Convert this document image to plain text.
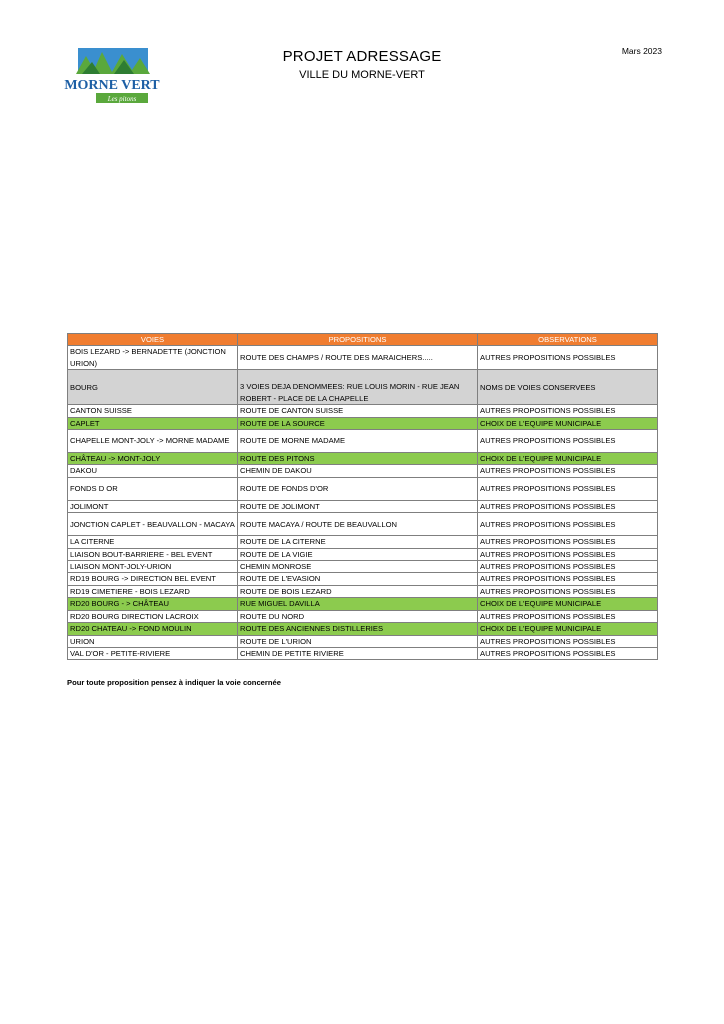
MORNE VERT
Les pitons
PROJET ADRESSAGE
VILLE DU MORNE-VERT
Mars 2023
VOIES	PROPOSITIONS	OBSERVATIONS
BOIS LEZARD -> BERNADETTE (JONCTION URION)	ROUTE DES CHAMPS / ROUTE DES MARAICHERS.....	AUTRES PROPOSITIONS POSSIBLES
BOURG	3 VOIES DEJA DENOMMEES: RUE LOUIS MORIN - RUE JEAN ROBERT - PLACE DE LA CHAPELLE	NOMS DE VOIES CONSERVEES
CANTON SUISSE	ROUTE DE CANTON SUISSE	AUTRES PROPOSITIONS POSSIBLES
CAPLET	ROUTE DE LA SOURCE	CHOIX DE L'EQUIPE MUNICIPALE
CHAPELLE MONT-JOLY -> MORNE MADAME	ROUTE DE MORNE MADAME	AUTRES PROPOSITIONS POSSIBLES
CHÂTEAU -> MONT-JOLY	ROUTE DES PITONS	CHOIX DE L'EQUIPE MUNICIPALE
DAKOU	CHEMIN DE DAKOU	AUTRES PROPOSITIONS POSSIBLES
FONDS D OR	ROUTE DE FONDS D'OR	AUTRES PROPOSITIONS POSSIBLES
JOLIMONT	ROUTE DE JOLIMONT	AUTRES PROPOSITIONS POSSIBLES
JONCTION CAPLET - BEAUVALLON - MACAYA	ROUTE MACAYA / ROUTE DE BEAUVALLON	AUTRES PROPOSITIONS POSSIBLES
LA CITERNE	ROUTE DE LA CITERNE	AUTRES PROPOSITIONS POSSIBLES
LIAISON BOUT-BARRIERE - BEL EVENT	ROUTE DE LA VIGIE	AUTRES PROPOSITIONS POSSIBLES
LIAISON MONT-JOLY-URION	CHEMIN MONROSE	AUTRES PROPOSITIONS POSSIBLES
RD19 BOURG -> DIRECTION BEL EVENT	ROUTE DE L'EVASION	AUTRES PROPOSITIONS POSSIBLES
RD19 CIMETIERE - BOIS LEZARD	ROUTE DE BOIS LEZARD	AUTRES PROPOSITIONS POSSIBLES
RD20 BOURG - > CHÂTEAU	RUE MIGUEL DAVILLA	CHOIX DE L'EQUIPE MUNICIPALE
RD20 BOURG DIRECTION LACROIX	ROUTE DU NORD	AUTRES PROPOSITIONS POSSIBLES
RD20 CHATEAU -> FOND MOULIN	ROUTE DES ANCIENNES DISTILLERIES	CHOIX DE L'EQUIPE MUNICIPALE
URION	ROUTE DE L'URION	AUTRES PROPOSITIONS POSSIBLES
VAL D'OR - PETITE-RIVIERE	CHEMIN DE PETITE RIVIERE	AUTRES PROPOSITIONS POSSIBLES
Pour toute proposition pensez à indiquer la voie concernée
